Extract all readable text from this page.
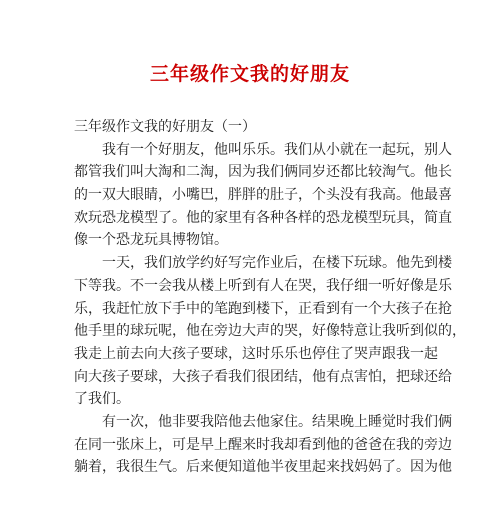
三年级作文我的好朋友
三年级作文我的好朋友（一）
　　我有一个好朋友，他叫乐乐。我们从小就在一起玩，别人
都管我们叫大淘和二淘，因为我们俩同岁还都比较淘气。他长
的一双大眼睛，小嘴巴，胖胖的肚子，个头没有我高。他最喜
欢玩恐龙模型了。他的家里有各种各样的恐龙模型玩具，简直
像一个恐龙玩具博物馆。
　　一天，我们放学约好写完作业后，在楼下玩球。他先到楼
下等我。不一会我从楼上听到有人在哭，我仔细一听好像是乐
乐，我赶忙放下手中的笔跑到楼下，正看到有一个大孩子在抢
他手里的球玩呢，他在旁边大声的哭，好像特意让我听到似的，
我走上前去向大孩子要球，这时乐乐也停住了哭声跟我一起
向大孩子要球，大孩子看我们很团结，他有点害怕，把球还给
了我们。
　　有一次，他非要我陪他去他家住。结果晚上睡觉时我们俩
在同一张床上，可是早上醒来时我却看到他的爸爸在我的旁边
躺着，我很生气。后来便知道他半夜里起来找妈妈了。因为他
